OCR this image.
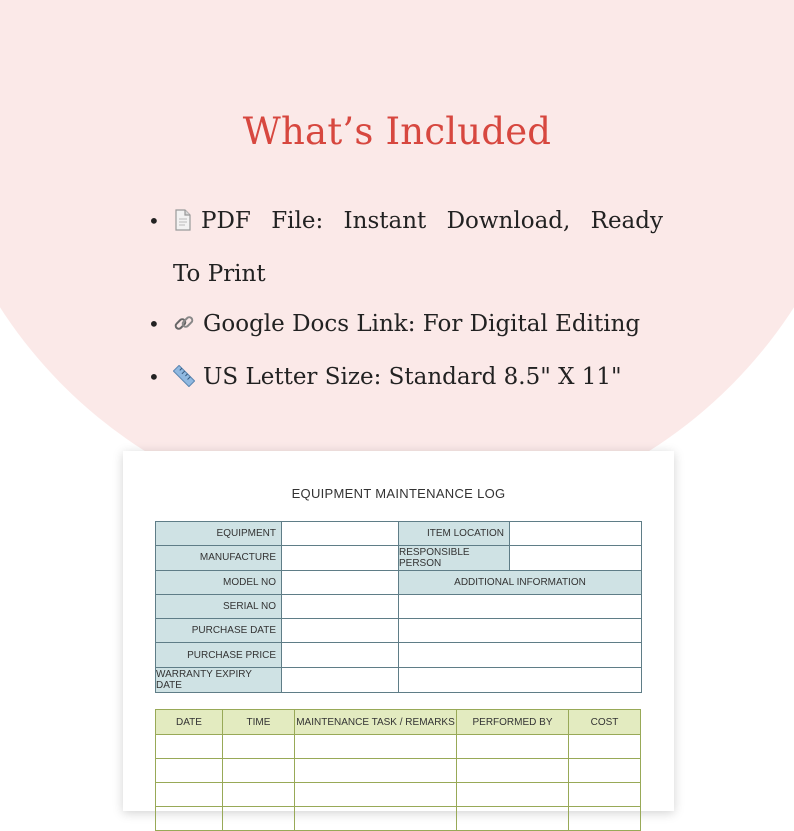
What’s Included
•	PDF File: Instant Download, Ready
To Print
• Google Docs Link: For Digital Editing
• US Letter Size: Standard 8.5" X 11"
EQUIPMENT MAINTENANCE LOG
EQUIPMENT	ITEM LOCATION
MANUFACTURE	RESPONSIBLE PERSON
MODEL NO	ADDITIONAL INFORMATION
SERIAL NO
PURCHASE DATE
PURCHASE PRICE
WARRANTY EXPIRY DATE
DATE	TIME	MAINTENANCE TASK / REMARKS	PERFORMED BY	COST
